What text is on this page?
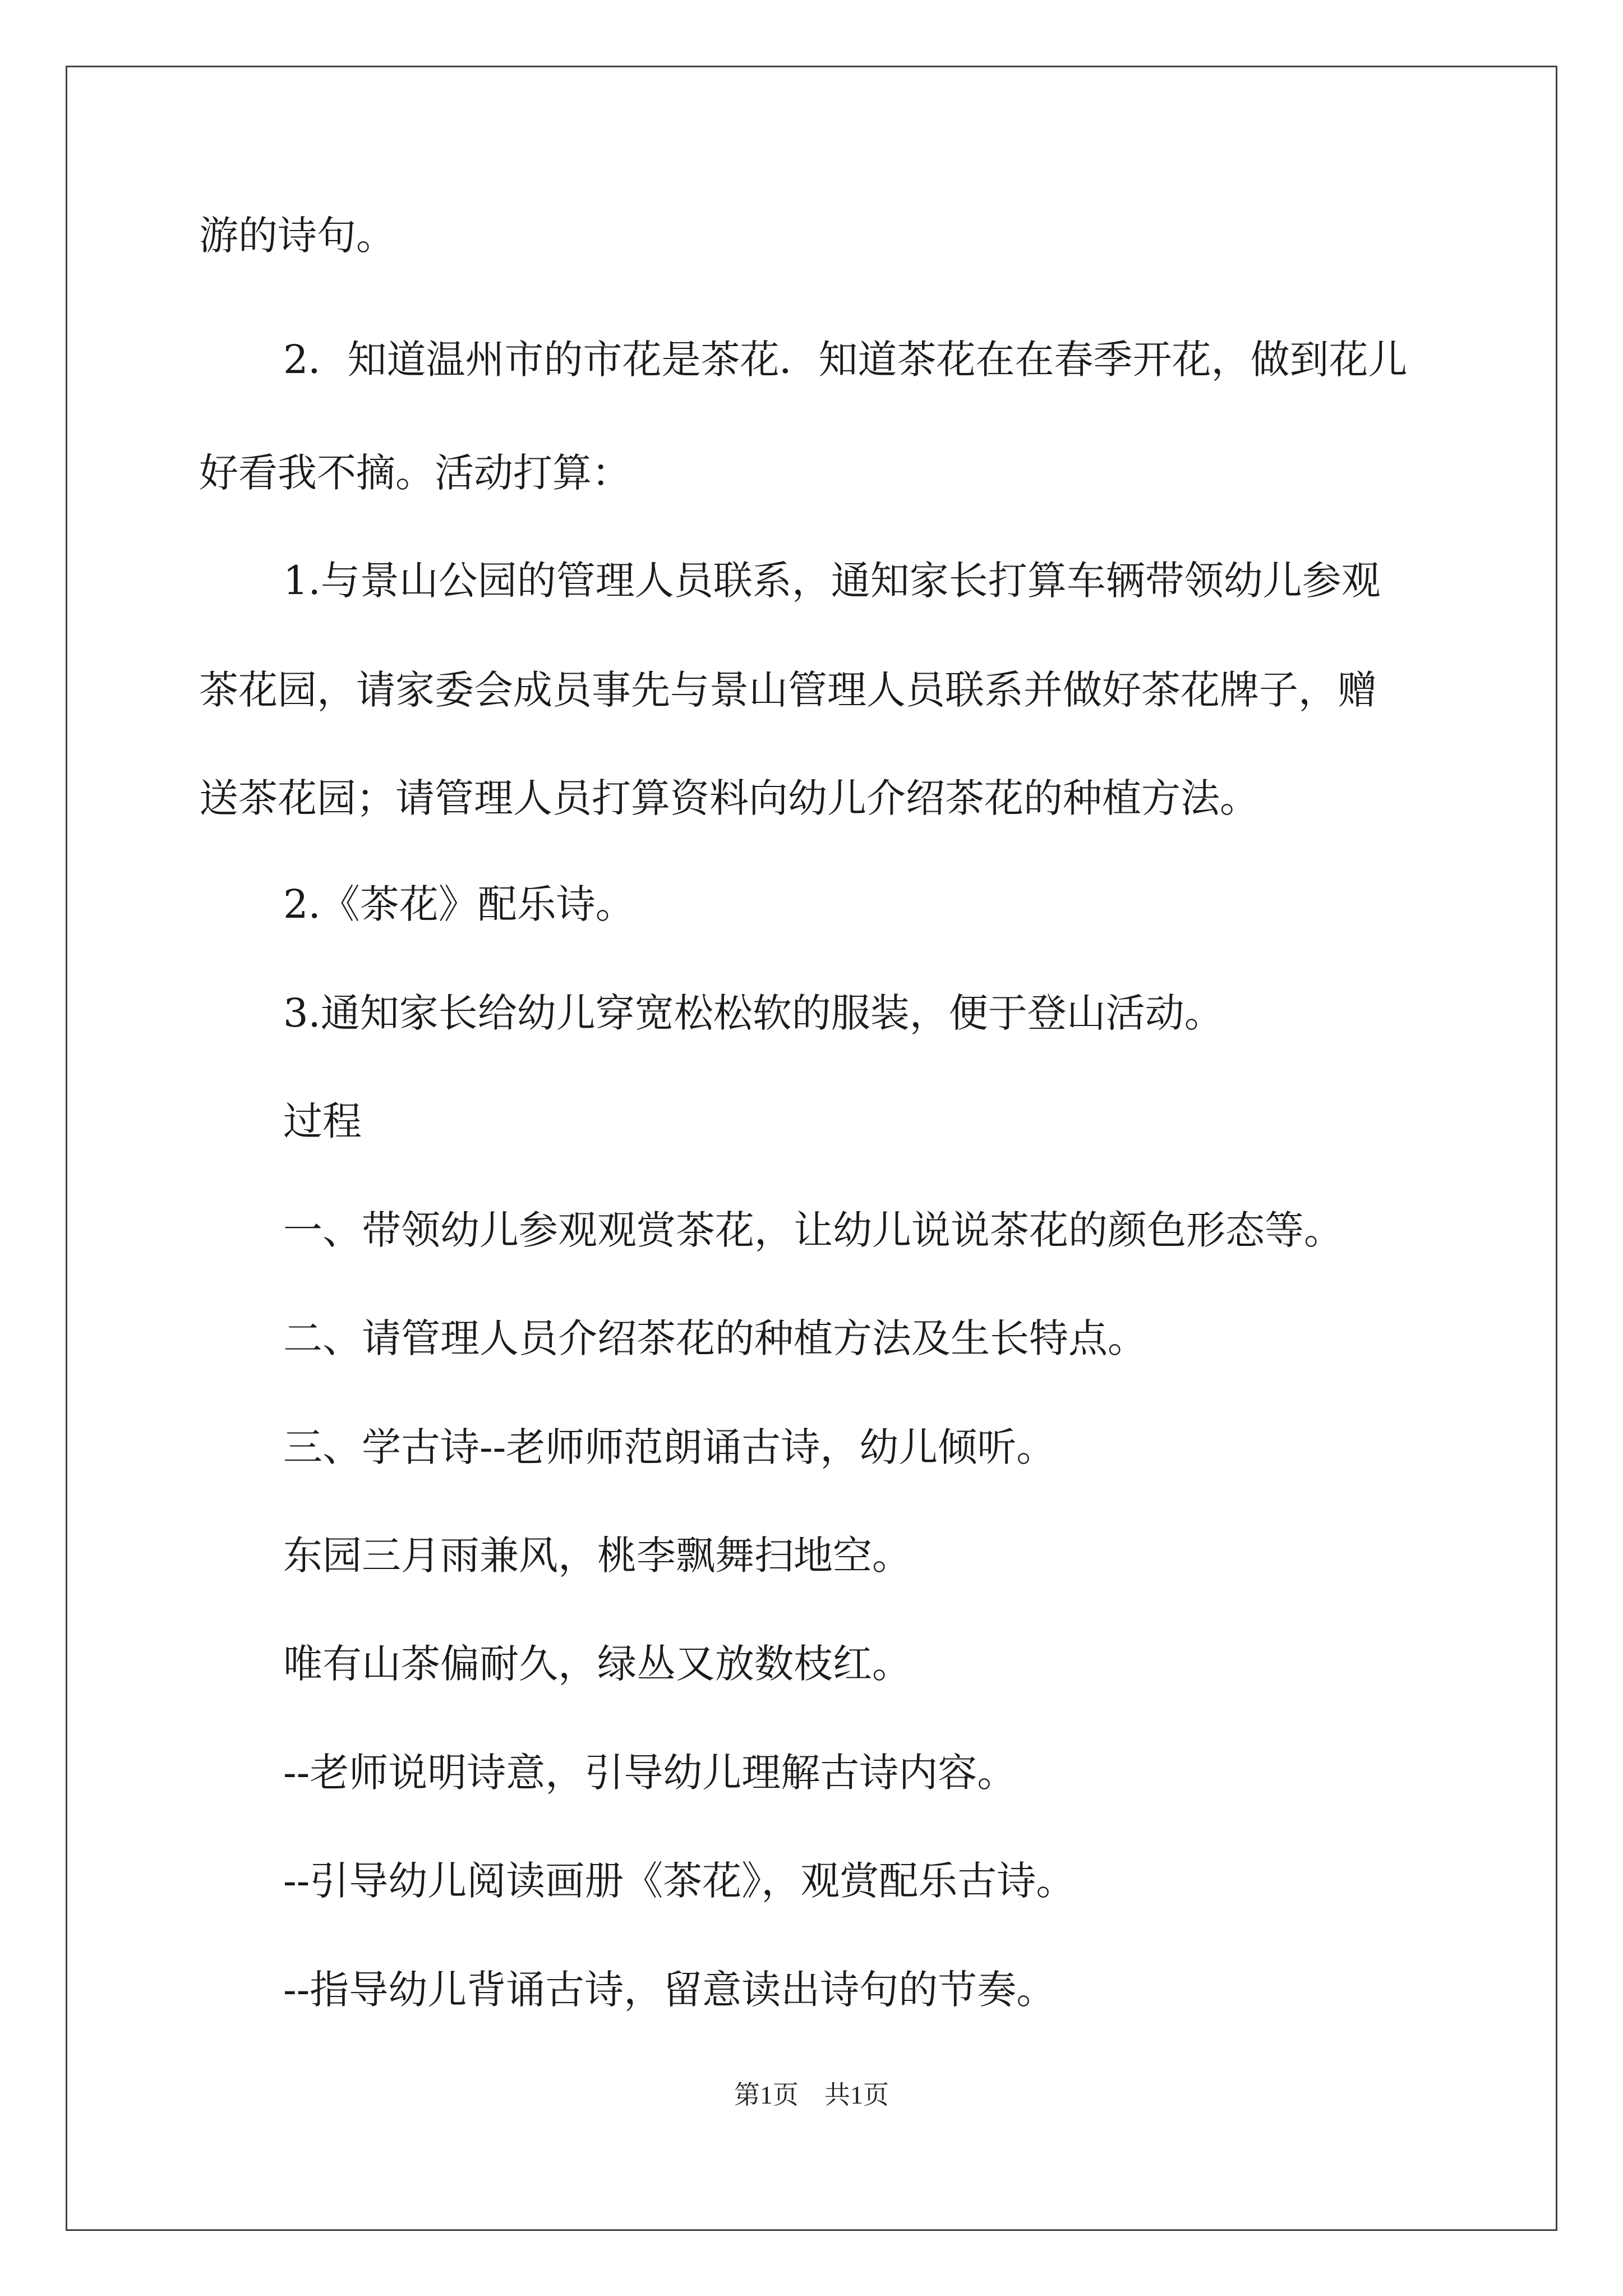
游的诗句。
2．知道温州市的市花是茶花．知道茶花在在春季开花，做到花儿
好看我不摘。活动打算：
1.与景山公园的管理人员联系，通知家长打算车辆带领幼儿参观
茶花园，请家委会成员事先与景山管理人员联系并做好茶花牌子，赠
送茶花园；请管理人员打算资料向幼儿介绍茶花的种植方法。
2.《茶花》配乐诗。
3.通知家长给幼儿穿宽松松软的服装，便于登山活动。
过程
一、带领幼儿参观观赏茶花，让幼儿说说茶花的颜色形态等。
二、请管理人员介绍茶花的种植方法及生长特点。
三、学古诗--老师师范朗诵古诗，幼儿倾听。
东园三月雨兼风，桃李飘舞扫地空。
唯有山茶偏耐久，绿丛又放数枝红。
--老师说明诗意，引导幼儿理解古诗内容。
--引导幼儿阅读画册《茶花》，观赏配乐古诗。
--指导幼儿背诵古诗，留意读出诗句的节奏。
第1页　共1页
